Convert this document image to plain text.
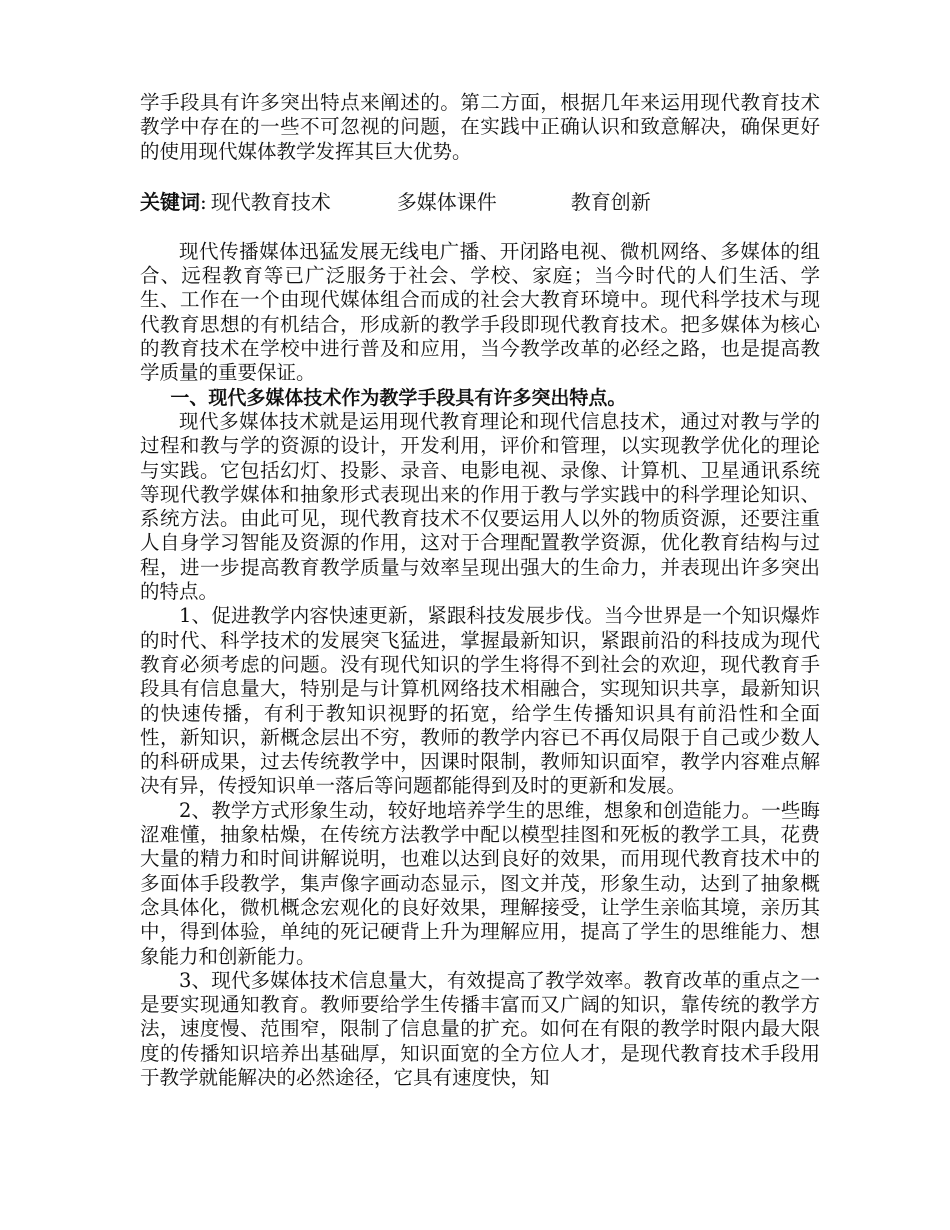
学手段具有许多突出特点来阐述的。第二方面，根据几年来运用现代教育技术教学中存在的一些不可忽视的问题，在实践中正确认识和致意解决，确保更好的使用现代媒体教学发挥其巨大优势。

关键词: 现代教育技术	多媒体课件	教育创新

现代传播媒体迅猛发展无线电广播、开闭路电视、微机网络、多媒体的组合、远程教育等已广泛服务于社会、学校、家庭；当今时代的人们生活、学生、工作在一个由现代媒体组合而成的社会大教育环境中。现代科学技术与现代教育思想的有机结合，形成新的教学手段即现代教育技术。把多媒体为核心的教育技术在学校中进行普及和应用，当今教学改革的必经之路，也是提高教学质量的重要保证。

一、现代多媒体技术作为教学手段具有许多突出特点。

现代多媒体技术就是运用现代教育理论和现代信息技术，通过对教与学的过程和教与学的资源的设计，开发利用，评价和管理，以实现教学优化的理论与实践。它包括幻灯、投影、录音、电影电视、录像、计算机、卫星通讯系统等现代教学媒体和抽象形式表现出来的作用于教与学实践中的科学理论知识、系统方法。由此可见，现代教育技术不仅要运用人以外的物质资源，还要注重人自身学习智能及资源的作用，这对于合理配置教学资源，优化教育结构与过程，进一步提高教育教学质量与效率呈现出强大的生命力，并表现出许多突出的特点。

1、促进教学内容快速更新，紧跟科技发展步伐。当今世界是一个知识爆炸的时代、科学技术的发展突飞猛进，掌握最新知识，紧跟前沿的科技成为现代教育必须考虑的问题。没有现代知识的学生将得不到社会的欢迎，现代教育手段具有信息量大，特别是与计算机网络技术相融合，实现知识共享，最新知识的快速传播，有利于教知识视野的拓宽，给学生传播知识具有前沿性和全面性，新知识，新概念层出不穷，教师的教学内容已不再仅局限于自己或少数人的科研成果，过去传统教学中，因课时限制，教师知识面窄，教学内容难点解决有异，传授知识单一落后等问题都能得到及时的更新和发展。

2、教学方式形象生动，较好地培养学生的思维，想象和创造能力。一些晦涩难懂，抽象枯燥，在传统方法教学中配以模型挂图和死板的教学工具，花费大量的精力和时间讲解说明，也难以达到良好的效果，而用现代教育技术中的多面体手段教学，集声像字画动态显示，图文并茂，形象生动，达到了抽象概念具体化，微机概念宏观化的良好效果，理解接受，让学生亲临其境，亲历其中，得到体验，单纯的死记硬背上升为理解应用，提高了学生的思维能力、想象能力和创新能力。

3、现代多媒体技术信息量大，有效提高了教学效率。教育改革的重点之一是要实现通知教育。教师要给学生传播丰富而又广阔的知识，靠传统的教学方法，速度慢、范围窄，限制了信息量的扩充。如何在有限的教学时限内最大限度的传播知识培养出基础厚，知识面宽的全方位人才，是现代教育技术手段用于教学就能解决的必然途径，它具有速度快，知
